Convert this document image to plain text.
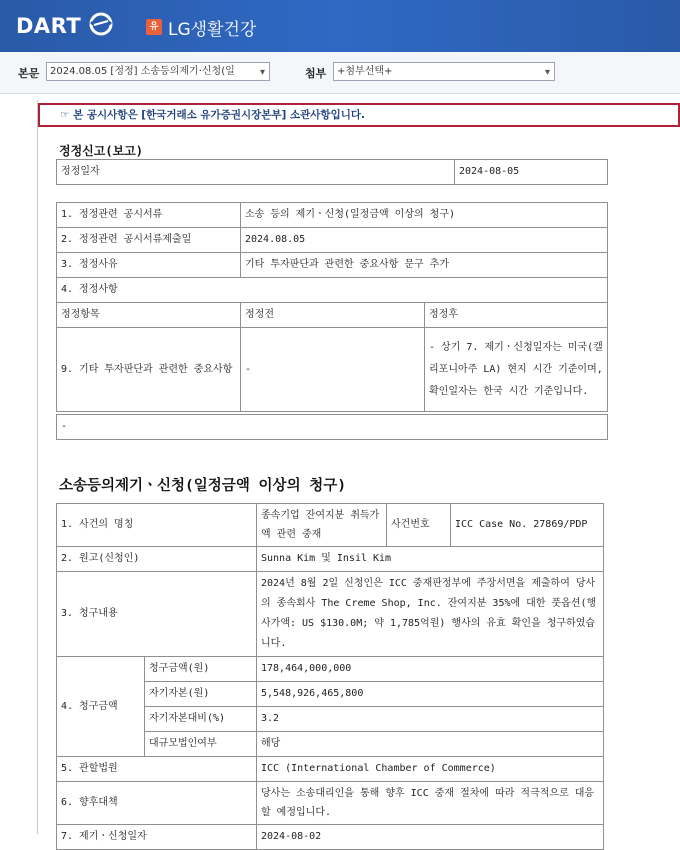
DART	유 LG생활건강
본문	2024.08.05 [정정] 소송등의제기·신청(일	▾	첨부	+첨부선택+	▾
☞ 본 공시사항은 [한국거래소 유가증권시장본부] 소관사항입니다.
정정신고(보고)
정정일자	2024-08-05
1. 정정관련 공시서류	소송 등의 제기ㆍ신청(일정금액 이상의 청구)	
2. 정정관련 공시서류제출일	2024.08.05	
3. 정정사유	기타 투자판단과 관련한 중요사항 문구 추가	
4. 정정사항		
정정항목	정정전	정정후
9. 기타 투자판단과 관련한 중요사항	-	- 상기 7. 제기ㆍ신청일자는 미국(캘리포니아주 LA) 현지 시간 기준이며, 확인일자는 한국 시간 기준입니다.
-
소송등의제기ㆍ신청(일정금액 이상의 청구)
1. 사건의 명칭		종속기업 잔여지분 취득가액 관련 중재	사건번호	ICC Case No. 27869/PDP
2. 원고(신청인)		Sunna Kim 및 Insil Kim		
3. 청구내용		2024년 8월 2일 신청인은 ICC 중재판정부에 주장서면을 제출하여 당사의 종속회사 The Creme Shop, Inc. 잔여지분 35%에 대한 풋옵션(행사가액: US $130.0M; 약 1,785억원) 행사의 유효 확인을 청구하였습니다.		
4. 청구금액	청구금액(원)	178,464,000,000		
	자기자본(원)	5,548,926,465,800		
	자기자본대비(%)	3.2		
	대규모법인여부	해당		
5. 관할법원		ICC (International Chamber of Commerce)		
6. 향후대책		당사는 소송대리인을 통해 향후 ICC 중재 절차에 따라 적극적으로 대응할 예정입니다.		
7. 제기ㆍ신청일자		2024-08-02		
